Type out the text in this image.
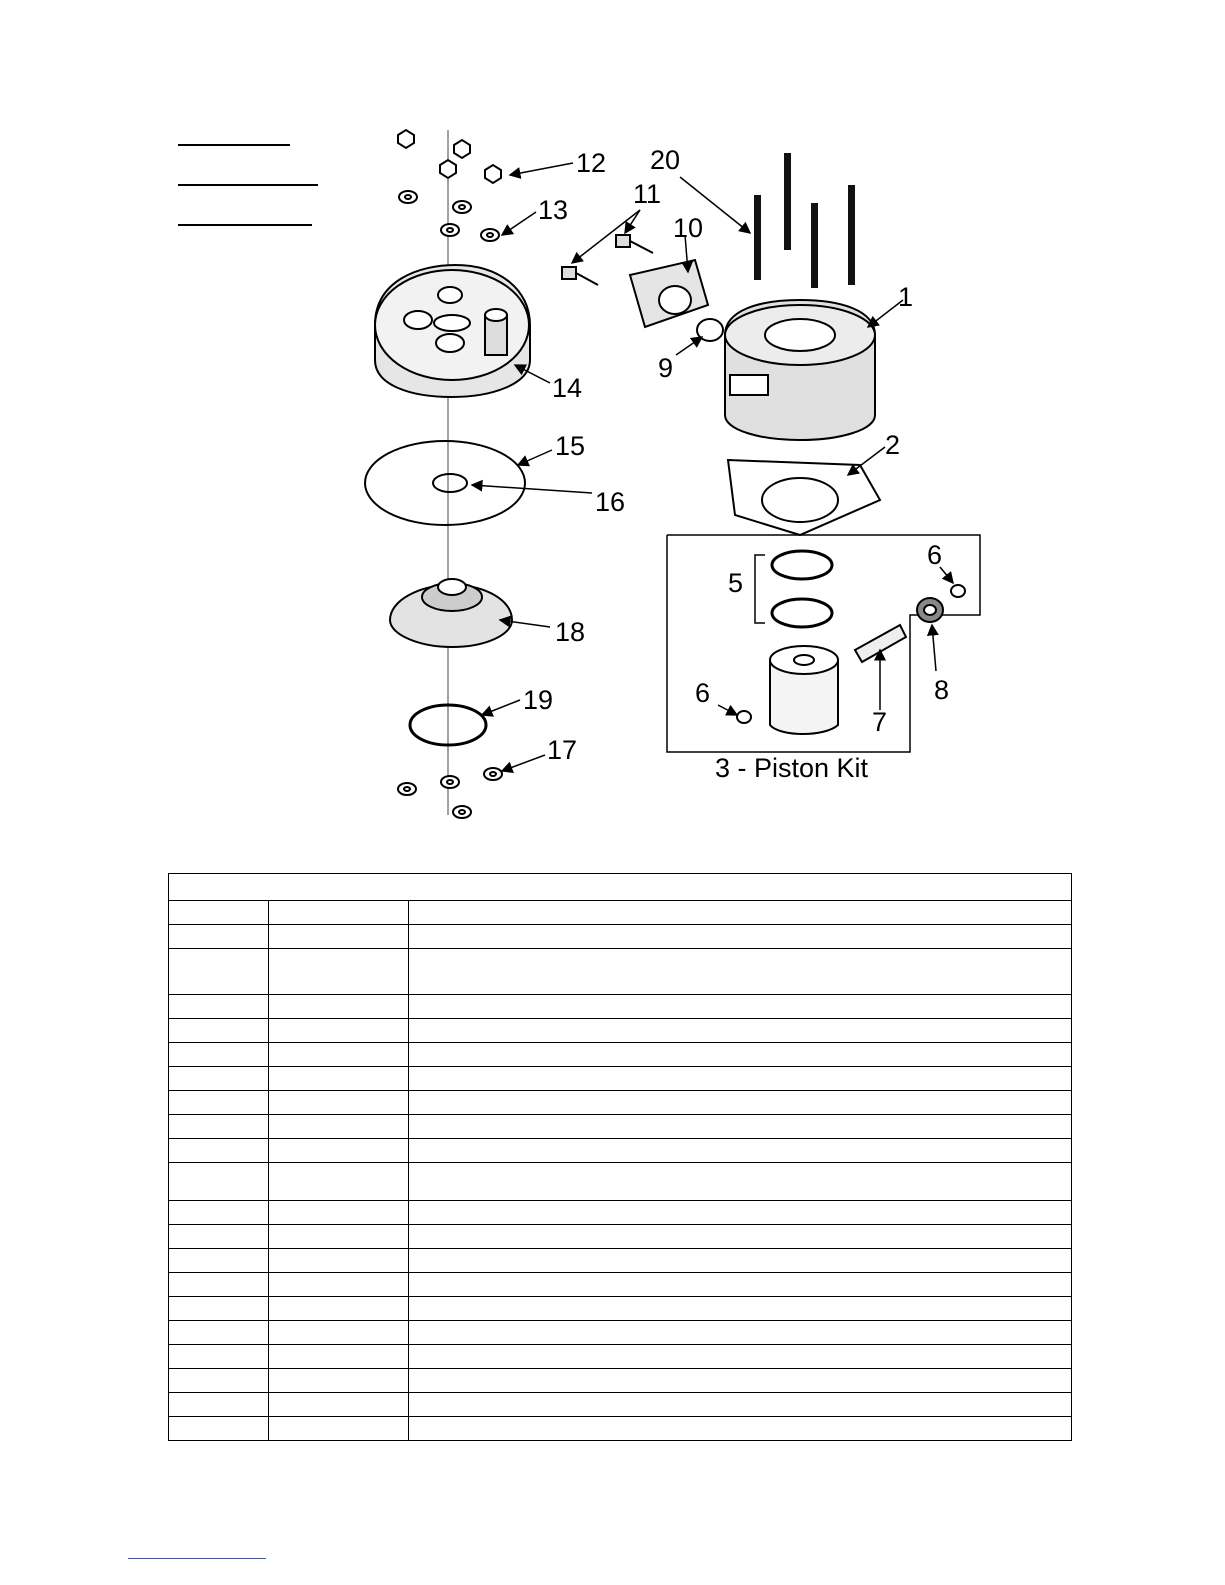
1
2
5
6
6
7
8
9
10
11
12
13
14
15
16
17
18
19
20
3 - Piston Kit
